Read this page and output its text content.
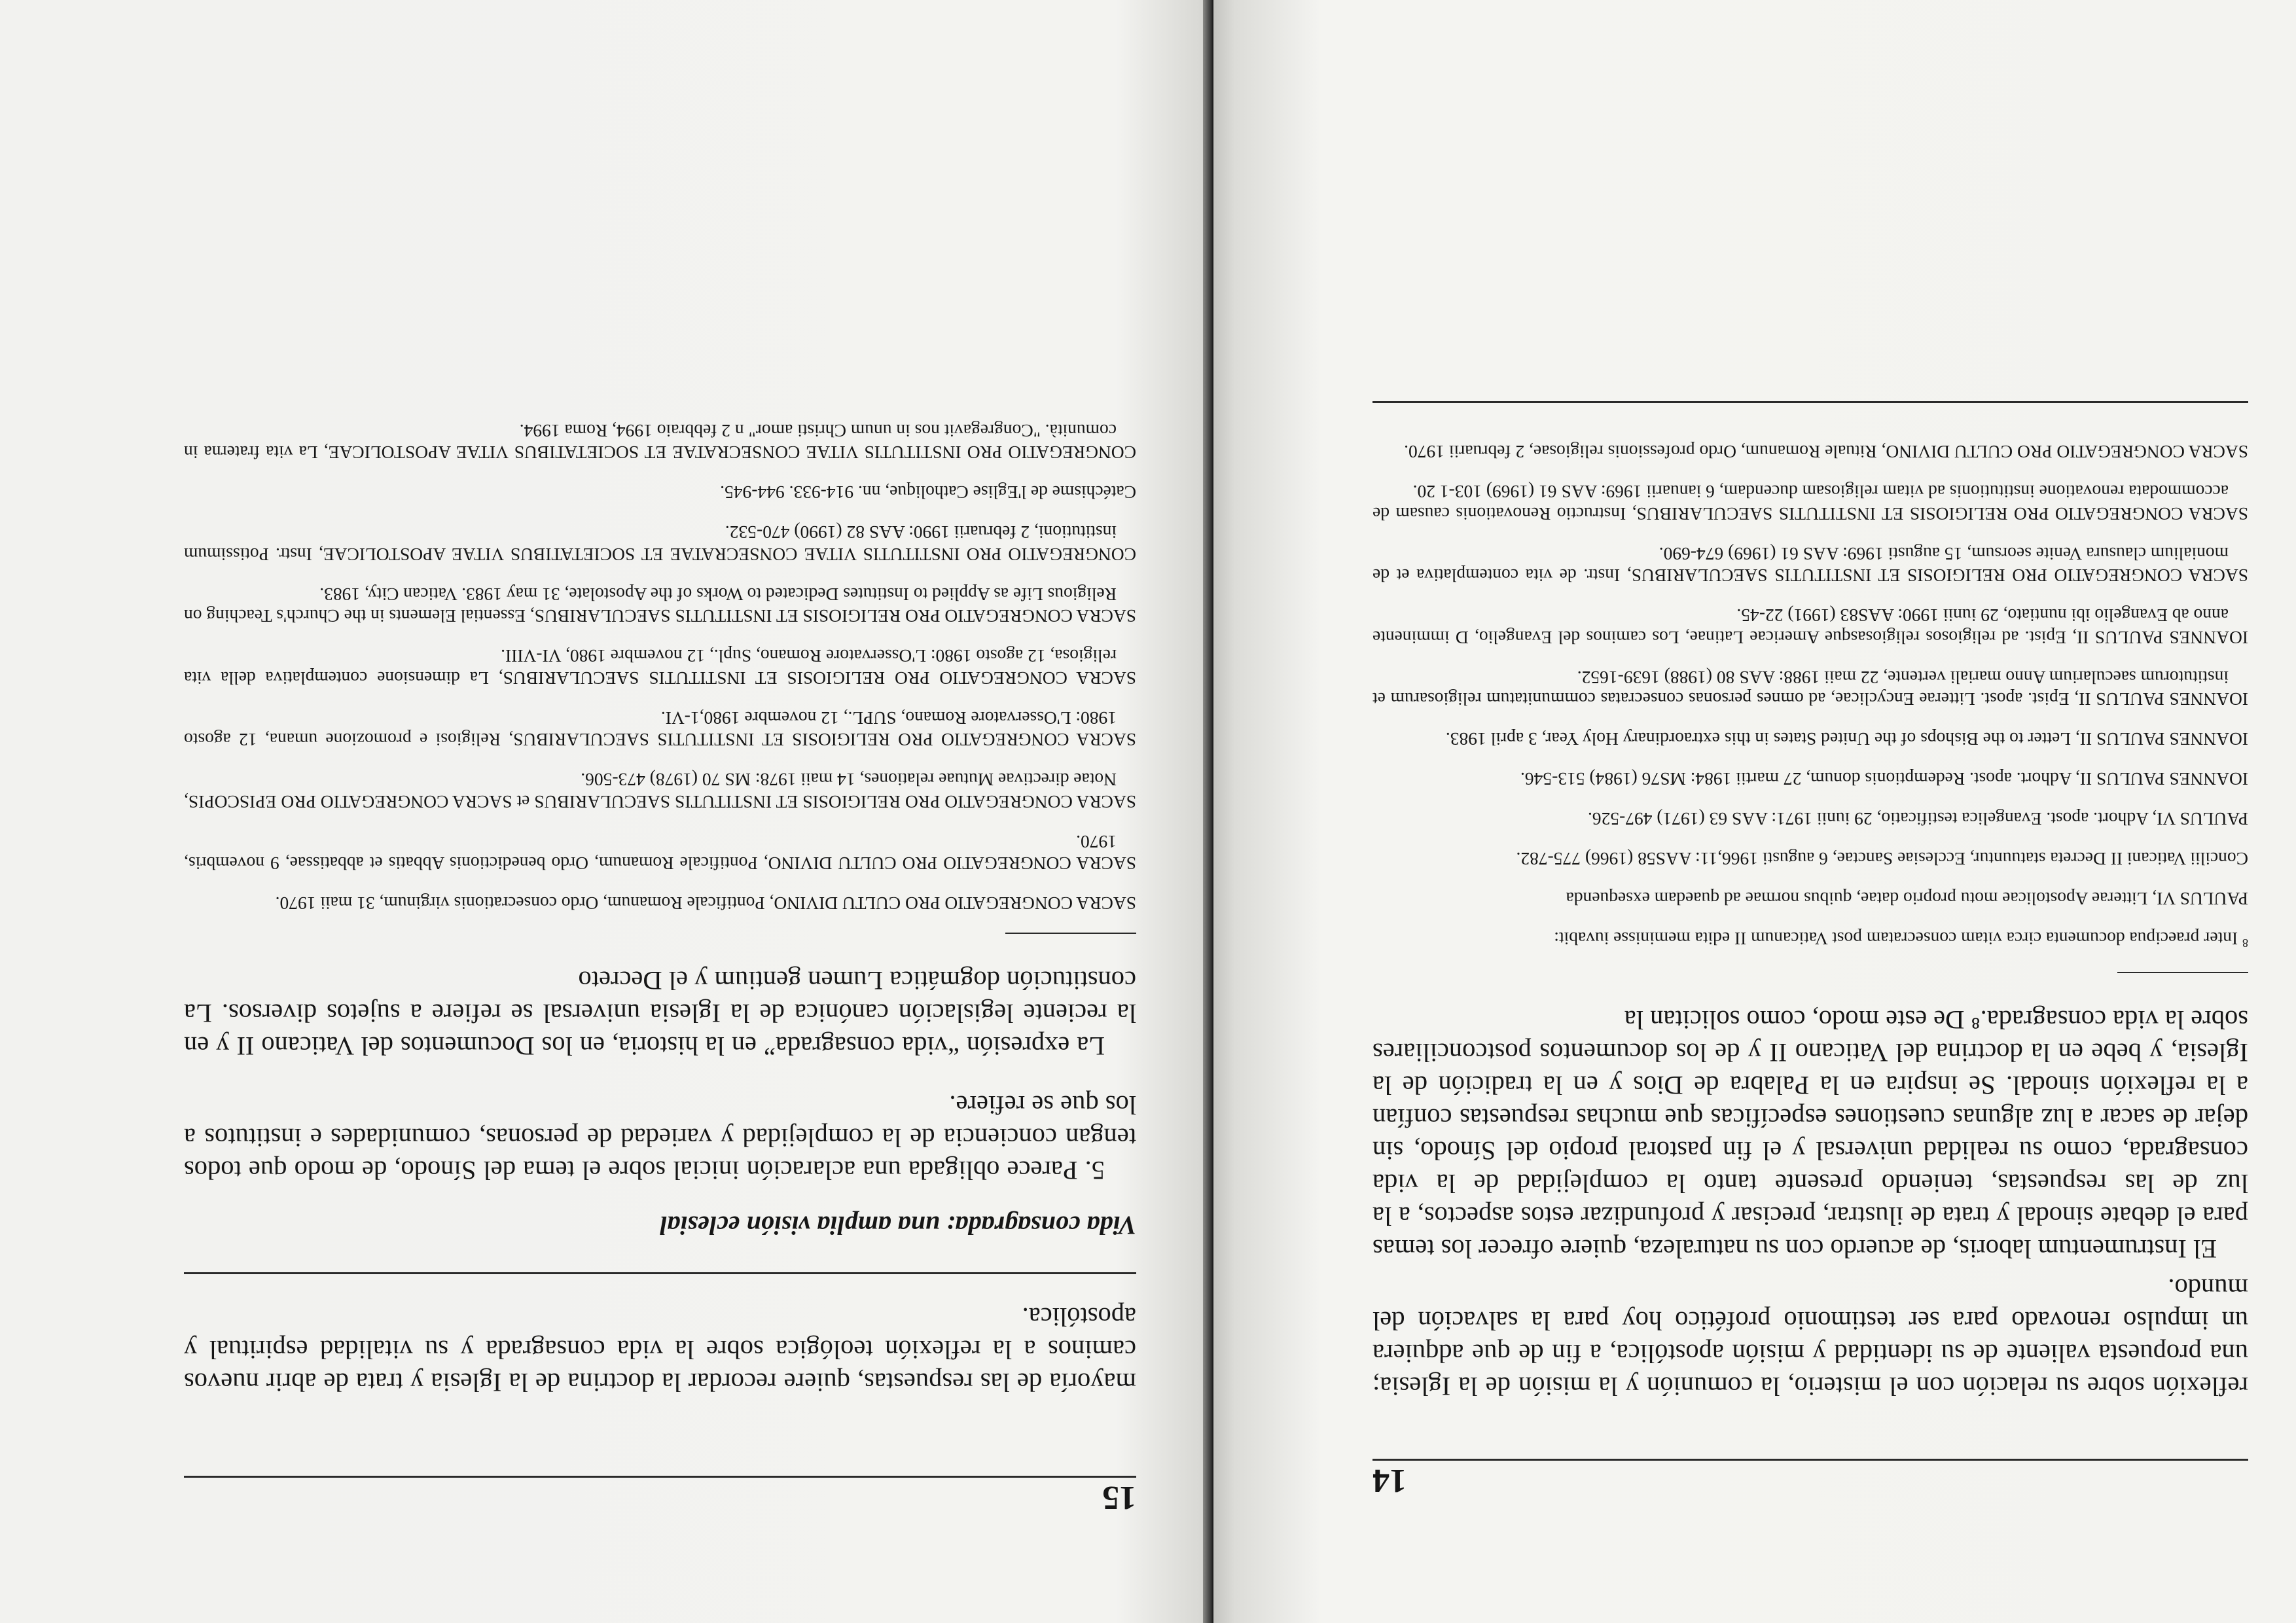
15

mayoría de las respuestas, quiere recordar la doctrina de la Iglesia y trata de abrir nuevos caminos a la reflexión teológica sobre la vida consagrada y su vitalidad espiritual y apostólica.

Vida consagrada: una amplia visión eclesial

5. Parece obligada una aclaración inicial sobre el tema del Sínodo, de modo que todos tengan conciencia de la complejidad y variedad de personas, comunidades e institutos a los que se refiere.

La expresión “vida consagrada” en la historia, en los Documentos del Vaticano II y en la reciente legislación canónica de la Iglesia universal se refiere a sujetos diversos. La constitución dogmática Lumen gentium y el Decreto

SACRA CONGREGATIO PRO CULTU DIVINO, Pontificale Romanum, Ordo consecrationis virginum, 31 maii 1970.

SACRA CONGREGATIO PRO CULTU DIVINO, Pontificale Romanum, Ordo benedictionis Abbatis et abbatissae, 9 novembris, 1970.

SACRA CONGREGATIO PRO RELIGIOSIS ET INSTITUTIS SAECULARIBUS et SACRA CONGREGATIO PRO EPISCOPIS, Notae directivae Mutuae relationes, 14 maii 1978: MS 70 (1978) 473-506.

SACRA CONGREGATIO PRO RELIGIOSIS ET INSTITUTIS SAECULARIBUS, Religiosi e promozione umana, 12 agosto 1980: L'Osservatore Romano, SUPL., 12 novembre 1980,1-VI.

SACRA CONGREGATIO PRO RELIGIOSIS ET INSTITUTIS SAECULARIBUS, La dimensione contemplativa della vita religiosa, 12 agosto 1980: L'Osservatore Romano, Supl., 12 novembre 1980, VI-VIII.

SACRA CONGREGATIO PRO RELIGIOSIS ET INSTITUTIS SAECULARIBUS, Essential Elements in the Church's Teaching on Religious Life as Applied to Institutes Dedicated to Works of the Apostolate, 31 may 1983. Vatican City, 1983.

CONGREGATIO PRO INSTITUTIS VITAE CONSECRATAE ET SOCIETATIBUS VITAE APOSTOLICAE, Instr. Potissimum institutioni, 2 februarii 1990: AAS 82 (1990) 470-532.

Catéchisme de l'Eglise Catholique, nn. 914-933. 944-945.

CONGREGATIO PRO INSTITUTIS VITAE CONSECRATAE ET SOCIETATIBUS VITAE APOSTOLICAE, La vita fraterna in comunità. "Congregavit nos in unum Christi amor" n 2 febbraio 1994, Roma 1994.

14

reflexión sobre su relación con el misterio, la comunión y la misión de la Iglesia; una propuesta valiente de su identidad y misión apostólica, a fin de que adquiera un impulso renovado para ser testimonio profético hoy para la salvación del mundo.

El Instrumentum laboris, de acuerdo con su naturaleza, quiere ofrecer los temas para el debate sinodal y trata de ilustrar, precisar y profundizar estos aspectos, a la luz de las respuestas, teniendo presente tanto la complejidad de la vida consagrada, como su realidad universal y el fin pastoral propio del Sínodo, sin dejar de sacar a luz algunas cuestiones específicas que muchas respuestas confían a la reflexión sinodal. Se inspira en la Palabra de Dios y en la tradición de la Iglesia, y bebe en la doctrina del Vaticano II y de los documentos postconciliares sobre la vida consagrada.⁸ De este modo, como solicitan la

$^8$ Inter praecipua documenta circa vitam consecratam post Vaticanum II edita meminisse iuvabit:

PAULUS VI, Litterae Apostolicae motu proprio datae, quibus normae ad quaedam exsequenda

Concilii Vaticani II Decreta statuuntur, Ecclesiae Sanctae, 6 augusti 1966,11: AAS58 (1966) 775-782.

PAULUS VI, Adhort. apost. Evangelica testificatio, 29 iunii 1971: AAS 63 (1971) 497-526.

IOANNES PAULUS II, Adhort. apost. Redemptionis donum, 27 martii 1984: MS76 (1984) 513-546.

IOANNES PAULUS II, Letter to the Bishops of the United States in this extraordinary Holy Year, 3 april 1983.

IOANNES PAULUS II, Epist. apost. Litterae Encyclicae, ad omnes personas consecratas communitatum religiosarum et institutorum saecularium Anno mariali vertente, 22 maii 1988: AAS 80 (1988) 1639-1652.

IOANNES PAULUS II, Epist. ad religiosos religiosasque Americae Latinae, Los caminos del Evangelio, D imminente anno ab Evangelio ibi nuntiato, 29 iunii 1990: AAS83 (1991) 22-45.

SACRA CONGREGATIO PRO RELIGIOSIS ET INSTITUTIS SAECULARIBUS, Instr. de vita contemplativa et de monialium clausura Venite seorsum, 15 augusti 1969: AAS 61 (1969) 674-690.

SACRA CONGREGATIO PRO RELIGIOSIS ET INSTITUTIS SAECULARIBUS, Instructio Renovationis causam de accommodata renovatione institutionis ad vitam religiosam ducendam, 6 ianuarii 1969: AAS 61 (1969) 103-1 20.

SACRA CONGREGATIO PRO CULTU DIVINO, Rituale Romanum, Ordo professionis religiosae, 2 februarii 1970.
